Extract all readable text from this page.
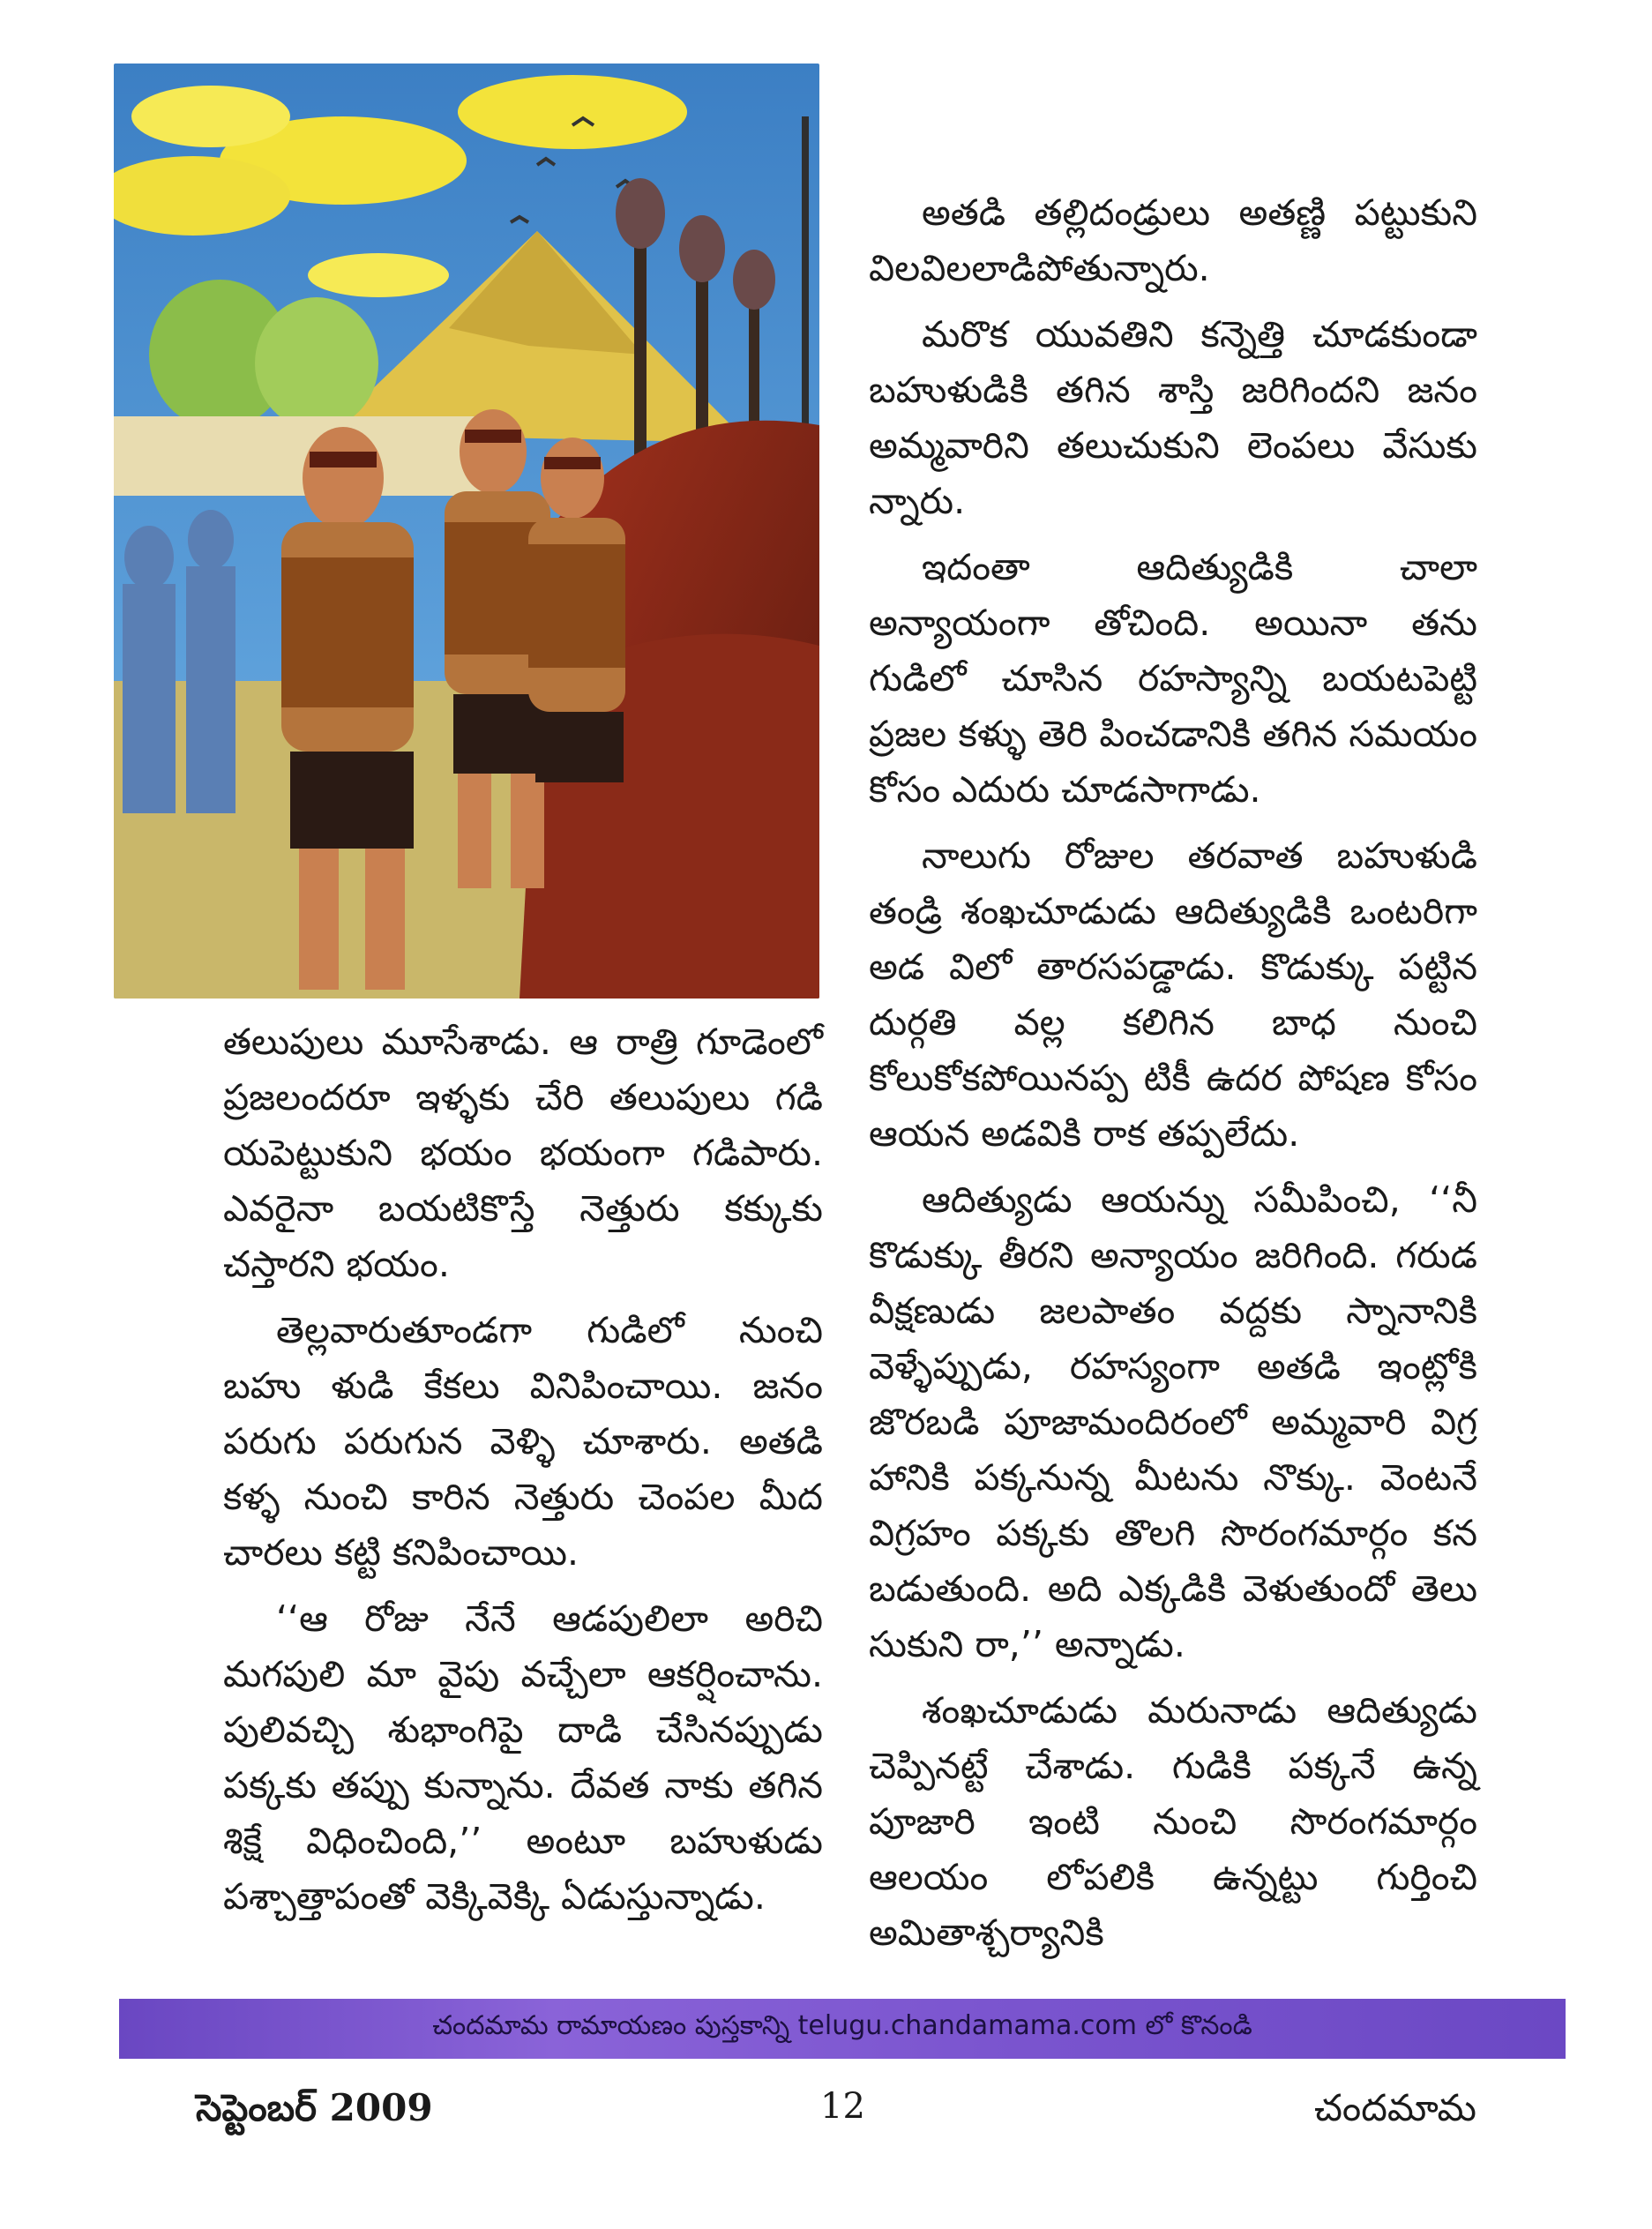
తలుపులు మూసేశాడు. ఆ రాత్రి గూడెంలో ప్రజలందరూ ఇళ్ళకు చేరి తలుపులు గడి యపెట్టుకుని భయం భయంగా గడిపారు. ఎవరైనా బయటికొస్తే నెత్తురు కక్కుకు చస్తారని భయం.

తెల్లవారుతూండగా గుడిలో నుంచి బహు ళుడి కేకలు వినిపించాయి. జనం పరుగు పరుగున వెళ్ళి చూశారు. అతడి కళ్ళ నుంచి కారిన నెత్తురు చెంపల మీద చారలు కట్టి కనిపించాయి.

‘‘ఆ రోజు నేనే ఆడపులిలా అరిచి మగపులి మా వైపు వచ్చేలా ఆకర్షించాను. పులివచ్చి శుభాంగిపై దాడి చేసినప్పుడు పక్కకు తప్పు కున్నాను. దేవత నాకు తగిన శిక్షే విధించింది,’’ అంటూ బహుళుడు పశ్చాత్తాపంతో వెక్కివెక్కి ఏడుస్తున్నాడు.

అతడి తల్లిదండ్రులు అతణ్ణి పట్టుకుని విలవిలలాడిపోతున్నారు.

మరొక యువతిని కన్నెత్తి చూడకుండా బహుళుడికి తగిన శాస్తి జరిగిందని జనం అమ్మవారిని తలుచుకుని లెంపలు వేసుకు న్నారు.

ఇదంతా ఆదిత్యుడికి చాలా అన్యాయంగా తోచింది. అయినా తను గుడిలో చూసిన రహస్యాన్ని బయటపెట్టి ప్రజల కళ్ళు తెరి పించడానికి తగిన సమయం కోసం ఎదురు చూడసాగాడు.

నాలుగు రోజుల తరవాత బహుళుడి తండ్రి శంఖచూడుడు ఆదిత్యుడికి ఒంటరిగా అడ విలో తారసపడ్డాడు. కొడుక్కు పట్టిన దుర్గతి వల్ల కలిగిన బాధ నుంచి కోలుకోకపోయినప్ప టికీ ఉదర పోషణ కోసం ఆయన అడవికి రాక తప్పలేదు.

ఆదిత్యుడు ఆయన్ను సమీపించి, ‘‘నీ కొడుక్కు తీరని అన్యాయం జరిగింది. గరుడ వీక్షణుడు జలపాతం వద్దకు స్నానానికి వెళ్ళేప్పుడు, రహస్యంగా అతడి ఇంట్లోకి జొరబడి పూజామందిరంలో అమ్మవారి విగ్ర హానికి పక్కనున్న మీటను నొక్కు. వెంటనే విగ్రహం పక్కకు తొలగి సొరంగమార్గం కన బడుతుంది. అది ఎక్కడికి వెళుతుందో తెలు సుకుని రా,’’ అన్నాడు.

శంఖచూడుడు మరునాడు ఆదిత్యుడు చెప్పినట్టే చేశాడు. గుడికి పక్కనే ఉన్న పూజారి ఇంటి నుంచి సొరంగమార్గం ఆలయం లోపలికి ఉన్నట్టు గుర్తించి అమితాశ్చర్యానికి

చందమామ రామాయణం పుస్తకాన్ని telugu.chandamama.com లో కొనండి
సెప్టెంబర్ 2009	12	చందమామ
